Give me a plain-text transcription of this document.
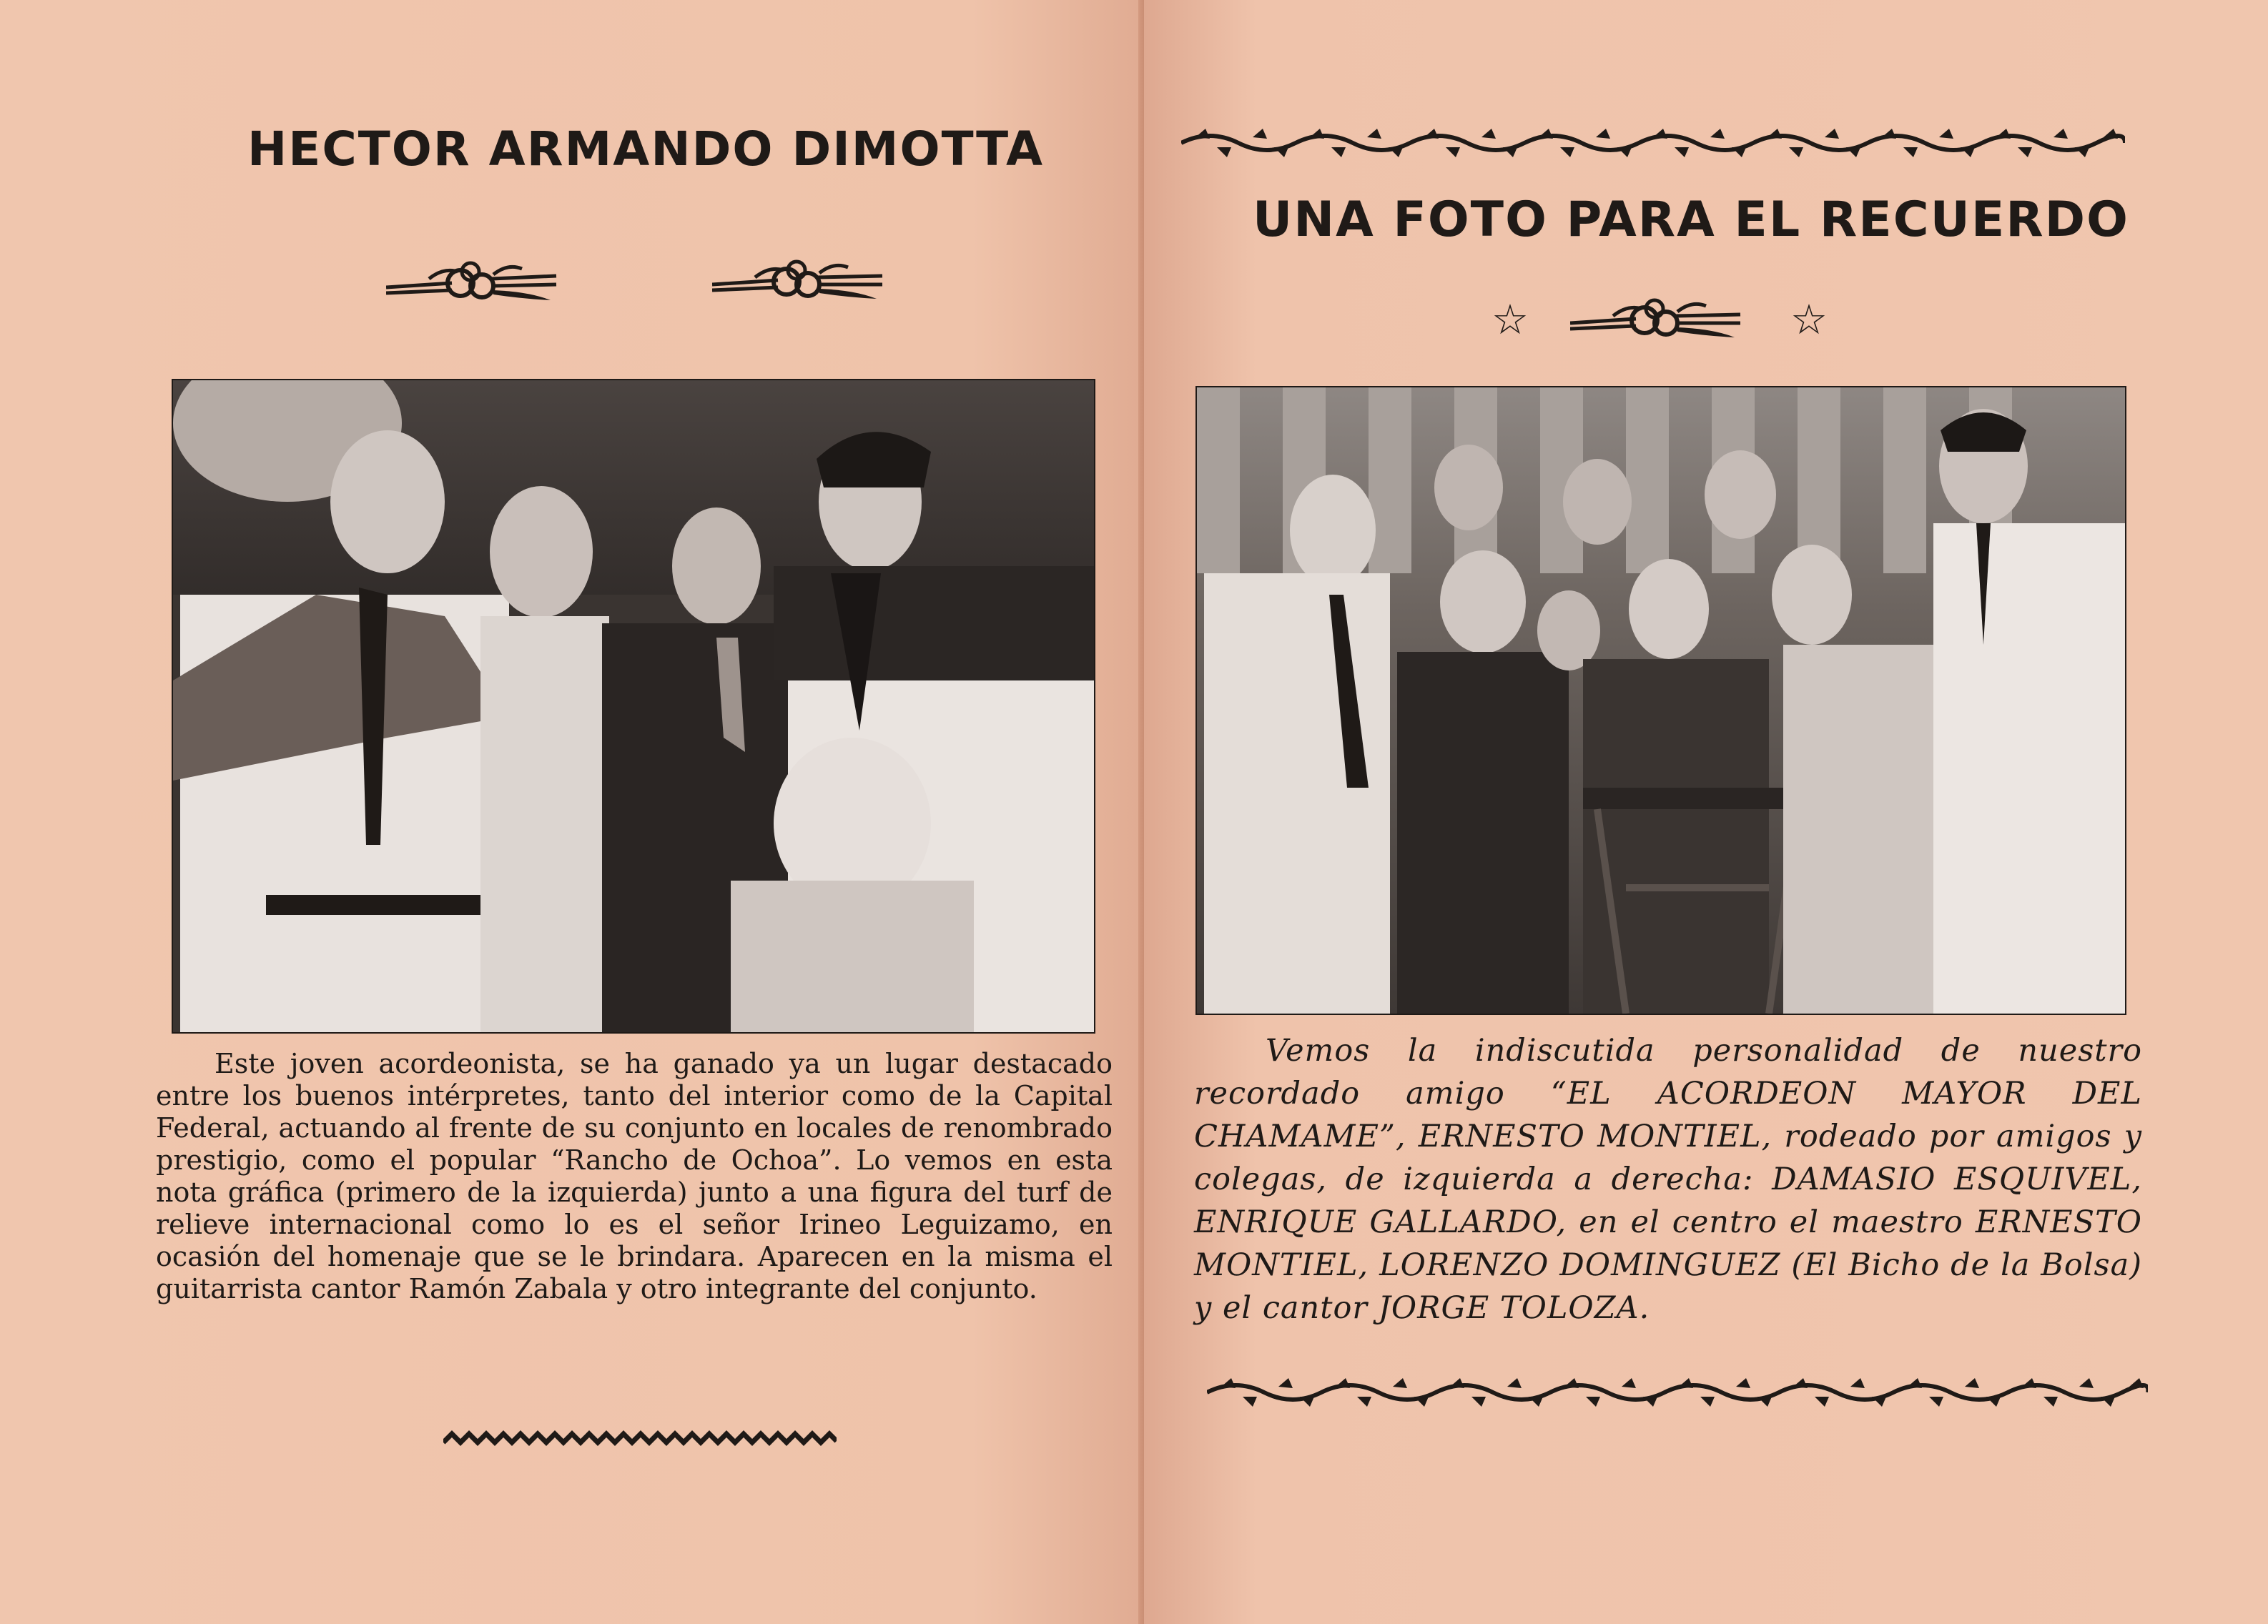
HECTOR ARMANDO DIMOTTA

Este joven acordeonista, se ha ganado ya un lugar destacado entre los buenos intérpretes, tanto del interior como de la Capital Federal, actuando al frente de su conjunto en locales de renombrado prestigio, como el popular “Rancho de Ochoa”. Lo vemos en esta nota gráfica (primero de la izquierda) junto a una figura del turf de relieve internacional como lo es el señor Irineo Leguizamo, en ocasión del homenaje que se le brindara. Aparecen en la misma el guitarrista cantor Ramón Zabala y otro integrante del conjunto.

UNA FOTO PARA EL RECUERDO
☆	☆

Vemos la indiscutida personalidad de nuestro recordado amigo “EL ACORDEON MAYOR DEL CHAMAME”, ERNESTO MONTIEL, rodeado por amigos y colegas, de izquierda a derecha: DAMASIO ESQUIVEL, ENRIQUE GALLARDO, en el centro el maestro ERNESTO MONTIEL, LORENZO DOMINGUEZ (El Bicho de la Bolsa) y el cantor JORGE TOLOZA.
